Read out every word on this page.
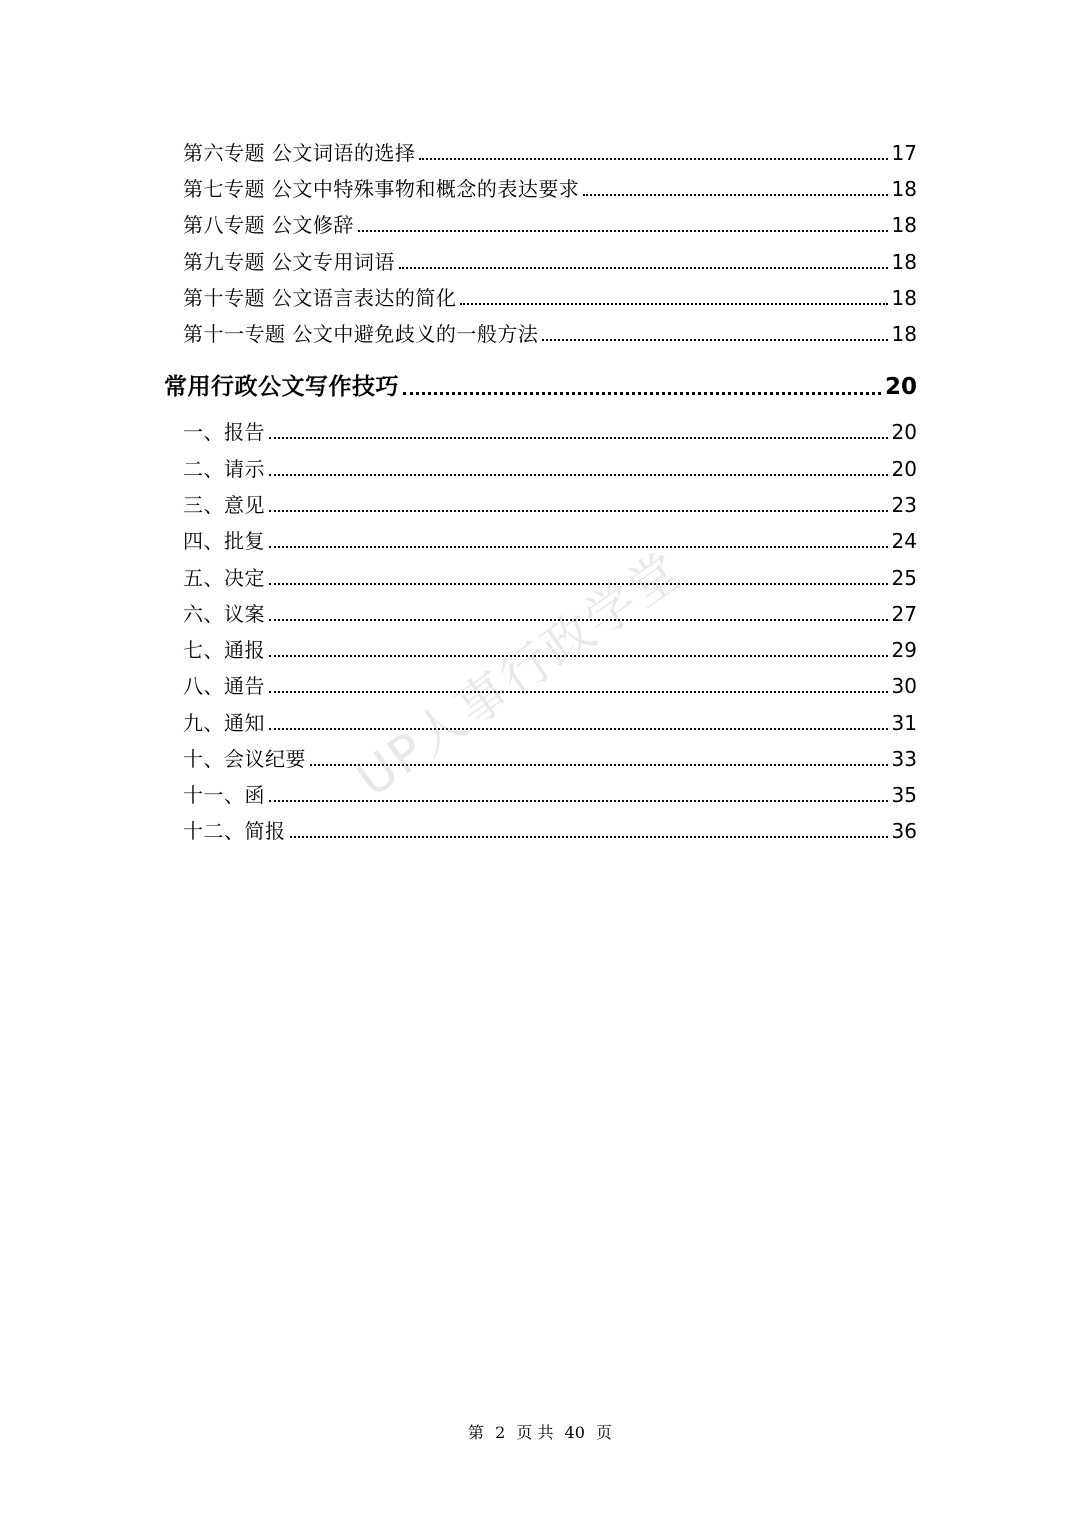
第六专题 公文词语的选择	17
第七专题 公文中特殊事物和概念的表达要求	18
第八专题 公文修辞	18
第九专题 公文专用词语	18
第十专题 公文语言表达的简化	18
第十一专题 公文中避免歧义的一般方法	18
常用行政公文写作技巧	20
一、报告	20
二、请示	20
三、意见	23
四、批复	24
五、决定	25
六、议案	27
七、通报	29
八、通告	30
九、通知	31
十、会议纪要	33
十一、函	35
十二、简报	36
UP人事行政学堂
第 2 页 共 40 页
